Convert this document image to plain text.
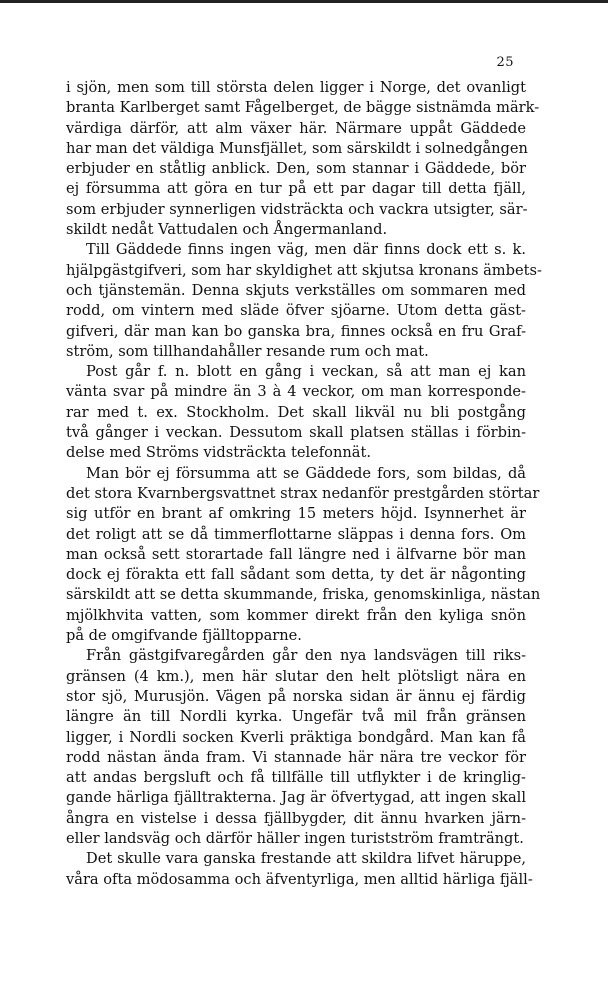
25
i sjön, men som till största delen ligger i Norge, det ovanligt
branta Karlberget samt Fågelberget, de bägge sistnämda märk-
värdiga därför, att alm växer här. Närmare uppåt Gäddede
har man det väldiga Munsfjället, som särskildt i solnedgången
erbjuder en ståtlig anblick. Den, som stannar i Gäddede, bör
ej försumma att göra en tur på ett par dagar till detta fjäll,
som erbjuder synnerligen vidsträckta och vackra utsigter, sär-
skildt nedåt Vattudalen och Ångermanland.
Till Gäddede finns ingen väg, men där finns dock ett s. k.
hjälpgästgifveri, som har skyldighet att skjutsa kronans ämbets-
och tjänstemän. Denna skjuts verkställes om sommaren med
rodd, om vintern med släde öfver sjöarne. Utom detta gäst-
gifveri, där man kan bo ganska bra, finnes också en fru Graf-
ström, som tillhandahåller resande rum och mat.
Post går f. n. blott en gång i veckan, så att man ej kan
vänta svar på mindre än 3 à 4 veckor, om man korresponde-
rar med t. ex. Stockholm. Det skall likväl nu bli postgång
två gånger i veckan. Dessutom skall platsen ställas i förbin-
delse med Ströms vidsträckta telefonnät.
Man bör ej försumma att se Gäddede fors, som bildas, då
det stora Kvarnbergsvattnet strax nedanför prestgården störtar
sig utför en brant af omkring 15 meters höjd. Isynnerhet är
det roligt att se då timmerflottarne släppas i denna fors. Om
man också sett storartade fall längre ned i älfvarne bör man
dock ej förakta ett fall sådant som detta, ty det är någonting
särskildt att se detta skummande, friska, genomskinliga, nästan
mjölkhvita vatten, som kommer direkt från den kyliga snön
på de omgifvande fjälltopparne.
Från gästgifvaregården går den nya landsvägen till riks-
gränsen (4 km.), men här slutar den helt plötsligt nära en
stor sjö, Murusjön. Vägen på norska sidan är ännu ej färdig
längre än till Nordli kyrka. Ungefär två mil från gränsen
ligger, i Nordli socken Kverli präktiga bondgård. Man kan få
rodd nästan ända fram. Vi stannade här nära tre veckor för
att andas bergsluft och få tillfälle till utflykter i de kringlig-
gande härliga fjälltrakterna. Jag är öfvertygad, att ingen skall
ångra en vistelse i dessa fjällbygder, dit ännu hvarken järn-
eller landsväg och därför häller ingen turistström framträngt.
Det skulle vara ganska frestande att skildra lifvet häruppe,
våra ofta mödosamma och äfventyrliga, men alltid härliga fjäll-
